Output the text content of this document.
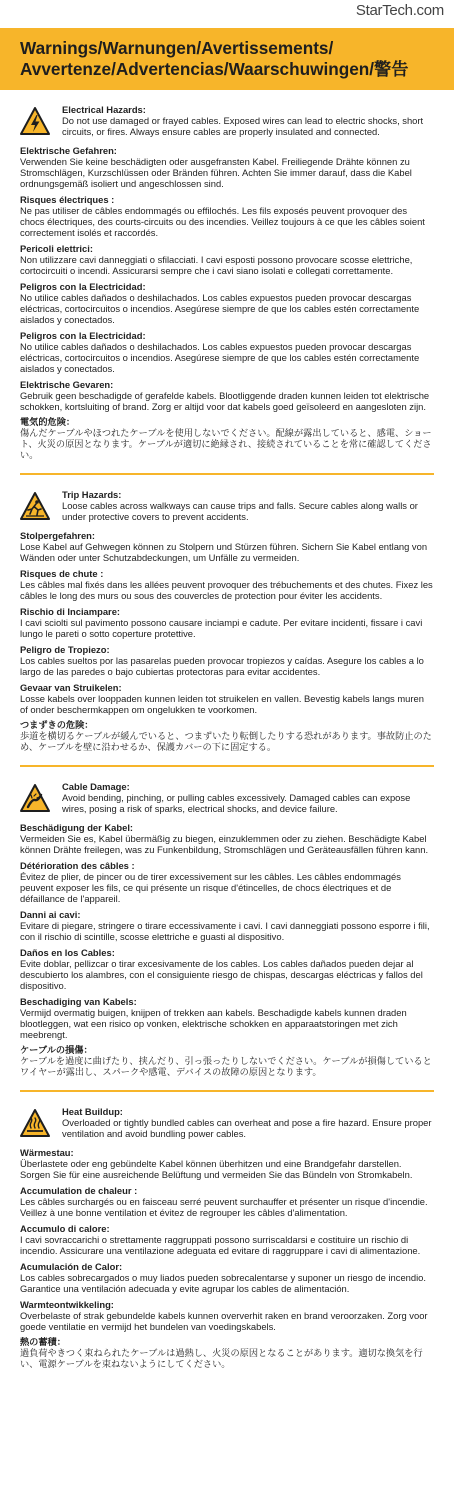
StarTech.com
Warnings/Warnungen/Avertissements/
Avvertenze/Advertencias/Waarschuwingen/警告
Electrical Hazards:
Do not use damaged or frayed cables. Exposed wires can lead to electric shocks, short circuits, or fires. Always ensure cables are properly insulated and connected.
Elektrische Gefahren:
Verwenden Sie keine beschädigten oder ausgefransten Kabel. Freiliegende Drähte können zu Stromschlägen, Kurzschlüssen oder Bränden führen. Achten Sie immer darauf, dass die Kabel ordnungsgemäß isoliert und angeschlossen sind.
Risques électriques :
Ne pas utiliser de câbles endommagés ou effilochés. Les fils exposés peuvent provoquer des chocs électriques, des courts-circuits ou des incendies. Veillez toujours à ce que les câbles soient correctement isolés et raccordés.
Pericoli elettrici:
Non utilizzare cavi danneggiati o sfilacciati. I cavi esposti possono provocare scosse elettriche, cortocircuiti o incendi. Assicurarsi sempre che i cavi siano isolati e collegati correttamente.
Peligros con la Electricidad:
No utilice cables dañados o deshilachados. Los cables expuestos pueden provocar descargas eléctricas, cortocircuitos o incendios. Asegúrese siempre de que los cables estén correctamente aislados y conectados.
Peligros con la Electricidad:
No utilice cables dañados o deshilachados. Los cables expuestos pueden provocar descargas eléctricas, cortocircuitos o incendios. Asegúrese siempre de que los cables estén correctamente aislados y conectados.
Elektrische Gevaren:
Gebruik geen beschadigde of gerafelde kabels. Blootliggende draden kunnen leiden tot elektrische schokken, kortsluiting of brand. Zorg er altijd voor dat kabels goed geïsoleerd en aangesloten zijn.
電気的危険：
傷んだケーブルやほつれたケーブルを使用しないでください。配線が露出していると、感電、ショート、火災の原因となります。ケーブルが適切に絶縁され、接続されていることを常に確認してください。
Trip Hazards:
Loose cables across walkways can cause trips and falls. Secure cables along walls or under protective covers to prevent accidents.
Stolpergefahren:
Lose Kabel auf Gehwegen können zu Stolpern und Stürzen führen. Sichern Sie Kabel entlang von Wänden oder unter Schutzabdeckungen, um Unfälle zu vermeiden.
Risques de chute :
Les câbles mal fixés dans les allées peuvent provoquer des trébuchements et des chutes. Fixez les câbles le long des murs ou sous des couvercles de protection pour éviter les accidents.
Rischio di Inciampare:
I cavi sciolti sul pavimento possono causare inciampi e cadute. Per evitare incidenti, fissare i cavi lungo le pareti o sotto coperture protettive.
Peligro de Tropiezo:
Los cables sueltos por las pasarelas pueden provocar tropiezos y caídas. Asegure los cables a lo largo de las paredes o bajo cubiertas protectoras para evitar accidentes.
Gevaar van Struikelen:
Losse kabels over looppaden kunnen leiden tot struikelen en vallen. Bevestig kabels langs muren of onder beschermkappen om ongelukken te voorkomen.
つまずきの危険：
歩道を横切るケーブルが緩んでいると、つまずいたり転倒したりする恐れがあります。事故防止のため、ケーブルを壁に沿わせるか、保護カバーの下に固定する。
Cable Damage:
Avoid bending, pinching, or pulling cables excessively. Damaged cables can expose wires, posing a risk of sparks, electrical shocks, and device failure.
Beschädigung der Kabel:
Vermeiden Sie es, Kabel übermäßig zu biegen, einzuklemmen oder zu ziehen. Beschädigte Kabel können Drähte freilegen, was zu Funkenbildung, Stromschlägen und Geräteausfällen führen kann.
Détérioration des câbles :
Évitez de plier, de pincer ou de tirer excessivement sur les câbles. Les câbles endommagés peuvent exposer les fils, ce qui présente un risque d'étincelles, de chocs électriques et de défaillance de l'appareil.
Danni ai cavi:
Evitare di piegare, stringere o tirare eccessivamente i cavi. I cavi danneggiati possono esporre i fili, con il rischio di scintille, scosse elettriche e guasti al dispositivo.
Daños en los Cables:
Evite doblar, pellizcar o tirar excesivamente de los cables. Los cables dañados pueden dejar al descubierto los alambres, con el consiguiente riesgo de chispas, descargas eléctricas y fallos del dispositivo.
Beschadiging van Kabels:
Vermijd overmatig buigen, knijpen of trekken aan kabels. Beschadigde kabels kunnen draden blootleggen, wat een risico op vonken, elektrische schokken en apparaatstoringen met zich meebrengt.
ケーブルの損傷：
ケーブルを過度に曲げたり、挟んだり、引っ張ったりしないでください。ケーブルが損傷しているとワイヤーが露出し、スパークや感電、デバイスの故障の原因となります。
Heat Buildup:
Overloaded or tightly bundled cables can overheat and pose a fire hazard. Ensure proper ventilation and avoid bundling power cables.
Wärmestau:
Überlastete oder eng gebündelte Kabel können überhitzen und eine Brandgefahr darstellen. Sorgen Sie für eine ausreichende Belüftung und vermeiden Sie das Bündeln von Stromkabeln.
Accumulation de chaleur :
Les câbles surchargés ou en faisceau serré peuvent surchauffer et présenter un risque d'incendie. Veillez à une bonne ventilation et évitez de regrouper les câbles d'alimentation.
Accumulo di calore:
I cavi sovraccarichi o strettamente raggruppati possono surriscaldarsi e costituire un rischio di incendio. Assicurare una ventilazione adeguata ed evitare di raggruppare i cavi di alimentazione.
Acumulación de Calor:
Los cables sobrecargados o muy liados pueden sobrecalentarse y suponer un riesgo de incendio. Garantice una ventilación adecuada y evite agrupar los cables de alimentación.
Warmteontwikkeling:
Overbelaste of strak gebundelde kabels kunnen oververhit raken en brand veroorzaken. Zorg voor goede ventilatie en vermijd het bundelen van voedingskabels.
熱の蓄積：
過負荷やきつく束ねられたケーブルは過熱し、火災の原因となることがあります。適切な換気を行い、電源ケーブルを束ねないようにしてください。
